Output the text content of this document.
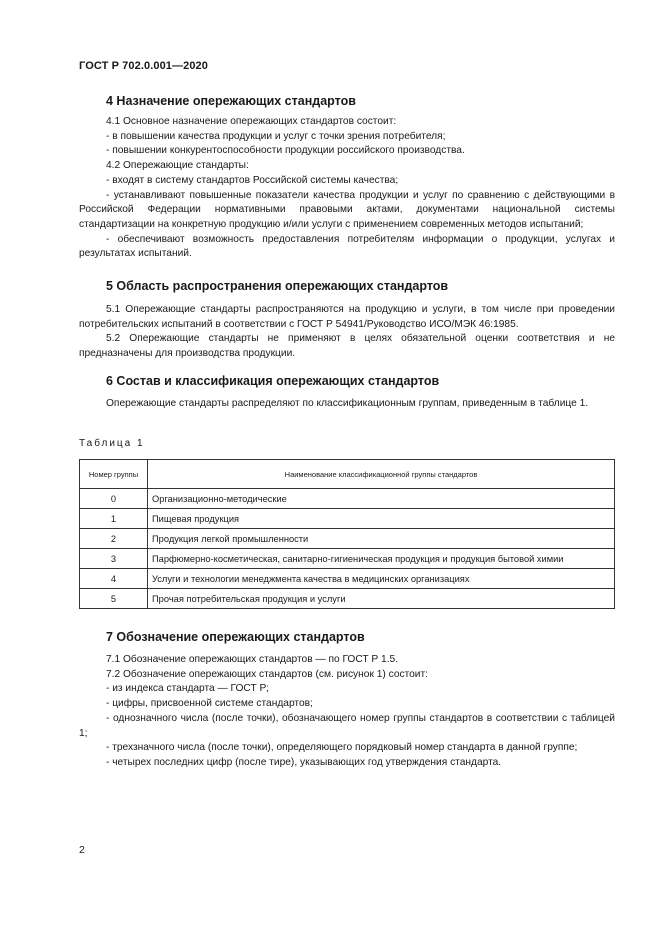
ГОСТ Р 702.0.001—2020
4 Назначение опережающих стандартов

4.1 Основное назначение опережающих стандартов состоит:

- в повышении качества продукции и услуг с точки зрения потребителя;

- повышении конкурентоспособности продукции российского производства.

4.2 Опережающие стандарты:

- входят в систему стандартов Российской системы качества;

- устанавливают повышенные показатели качества продукции и услуг по сравнению с действующими в Российской Федерации нормативными правовыми актами, документами национальной системы стандартизации на конкретную продукцию и/или услуги с применением современных методов испытаний;

- обеспечивают возможность предоставления потребителям информации о продукции, услугах и результатах испытаний.

5 Область распространения опережающих стандартов

5.1 Опережающие стандарты распространяются на продукцию и услуги, в том числе при проведении потребительских испытаний в соответствии с ГОСТ Р 54941/Руководство ИСО/МЭК 46:1985.

5.2 Опережающие стандарты не применяют в целях обязательной оценки соответствия и не предназначены для производства продукции.

6 Состав и классификация опережающих стандартов

Опережающие стандарты распределяют по классификационным группам, приведенным в таблице 1.

Таблица 1
Номер группы	Наименование классификационной группы стандартов
0	Организационно-методические
1	Пищевая продукция
2	Продукция легкой промышленности
3	Парфюмерно-косметическая, санитарно-гигиеническая продукция и продукция бытовой химии
4	Услуги и технологии менеджмента качества в медицинских организациях
5	Прочая потребительская продукция и услуги
7 Обозначение опережающих стандартов

7.1 Обозначение опережающих стандартов — по ГОСТ Р 1.5.

7.2 Обозначение опережающих стандартов (см. рисунок 1) состоит:

- из индекса стандарта — ГОСТ Р;

- цифры, присвоенной системе стандартов;

- однозначного числа (после точки), обозначающего номер группы стандартов в соответствии с таблицей 1;

- трехзначного числа (после точки), определяющего порядковый номер стандарта в данной группе;

- четырех последних цифр (после тире), указывающих год утверждения стандарта.

2
